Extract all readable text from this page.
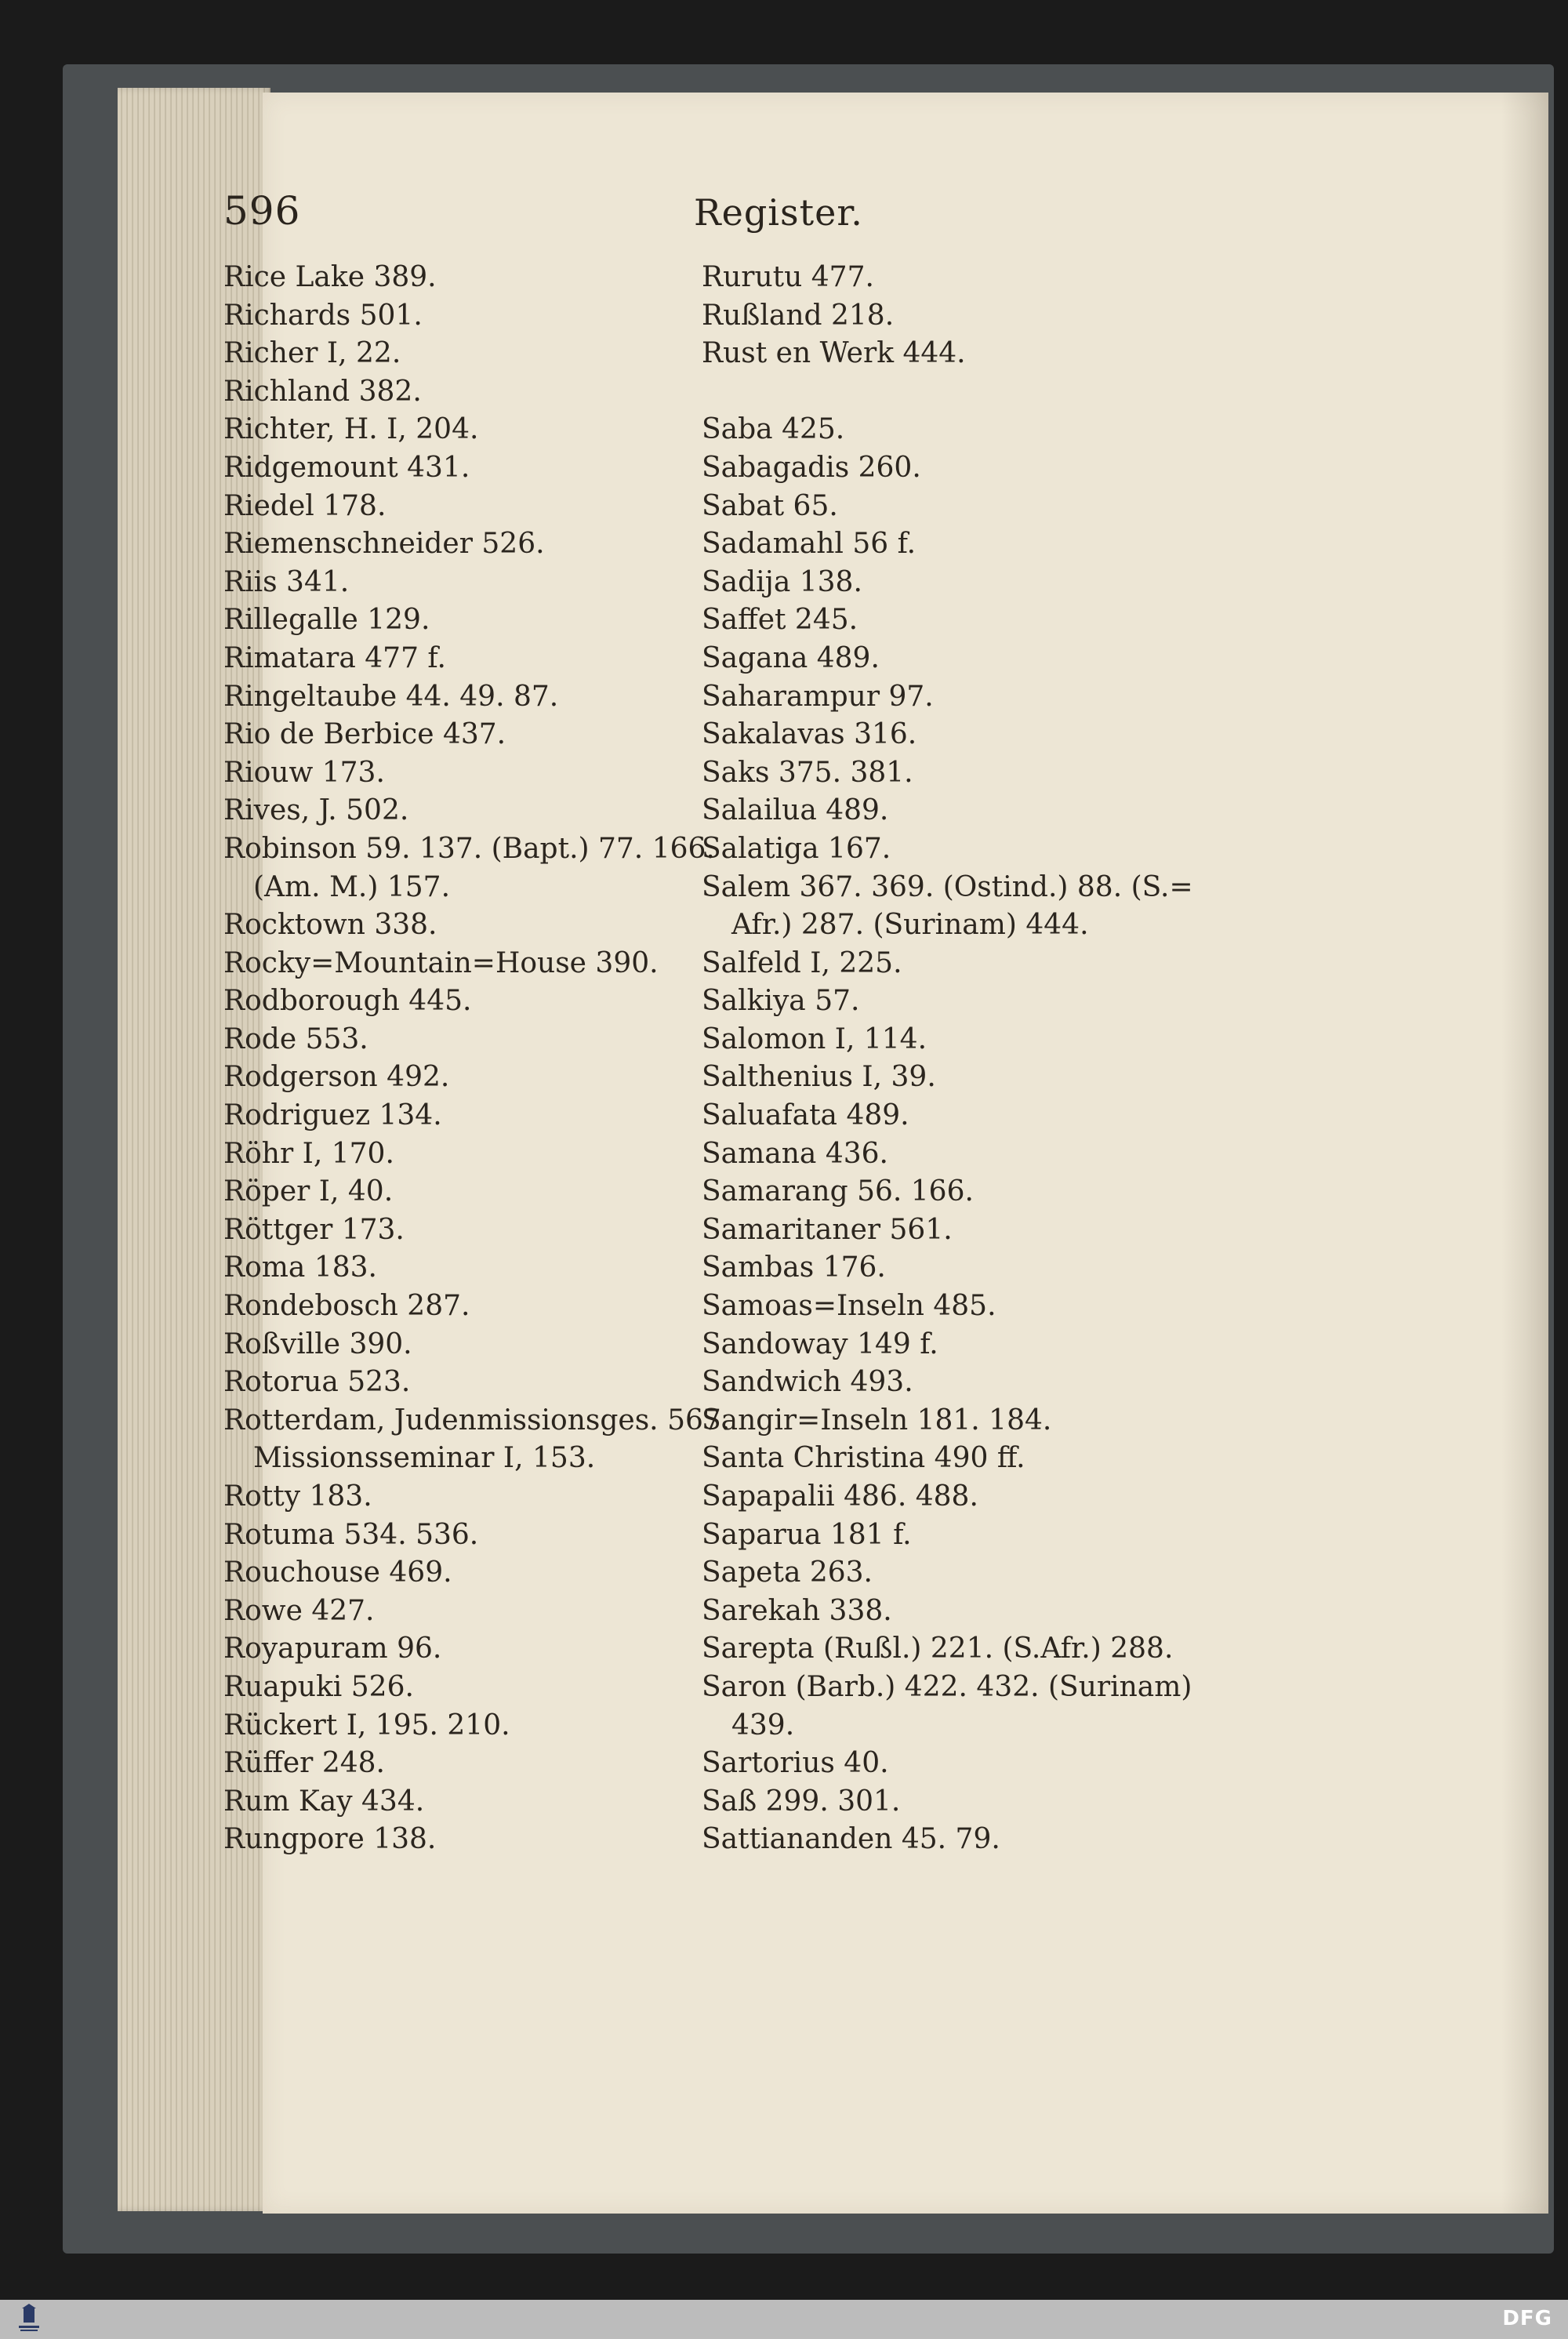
596	Register.
Rice Lake 389.
Richards 501.
Richer I, 22.
Richland 382.
Richter, H. I, 204.
Ridgemount 431.
Riedel 178.
Riemenschneider 526.
Riis 341.
Rillegalle 129.
Rimatara 477 f.
Ringeltaube 44. 49. 87.
Rio de Berbice 437.
Riouw 173.
Rives, J. 502.
Robinson 59. 137. (Bapt.) 77. 166.
(Am. M.) 157.
Rocktown 338.
Rocky=Mountain=House 390.
Rodborough 445.
Rode 553.
Rodgerson 492.
Rodriguez 134.
Röhr I, 170.
Röper I, 40.
Röttger 173.
Roma 183.
Rondebosch 287.
Roßville 390.
Rotorua 523.
Rotterdam, Judenmissionsges. 567.
Missionsseminar I, 153.
Rotty 183.
Rotuma 534. 536.
Rouchouse 469.
Rowe 427.
Royapuram 96.
Ruapuki 526.
Rückert I, 195. 210.
Rüffer 248.
Rum Kay 434.
Rungpore 138.
Rurutu 477.
Rußland 218.
Rust en Werk 444.
Saba 425.
Sabagadis 260.
Sabat 65.
Sadamahl 56 f.
Sadija 138.
Saffet 245.
Sagana 489.
Saharampur 97.
Sakalavas 316.
Saks 375. 381.
Salailua 489.
Salatiga 167.
Salem 367. 369. (Ostind.) 88. (S.=
Afr.) 287. (Surinam) 444.
Salfeld I, 225.
Salkiya 57.
Salomon I, 114.
Salthenius I, 39.
Saluafata 489.
Samana 436.
Samarang 56. 166.
Samaritaner 561.
Sambas 176.
Samoas=Inseln 485.
Sandoway 149 f.
Sandwich 493.
Sangir=Inseln 181. 184.
Santa Christina 490 ff.
Sapapalii 486. 488.
Saparua 181 f.
Sapeta 263.
Sarekah 338.
Sarepta (Rußl.) 221. (S.Afr.) 288.
Saron (Barb.) 422. 432. (Surinam)
439.
Sartorius 40.
Saß 299. 301.
Sattiananden 45. 79.
DFG
